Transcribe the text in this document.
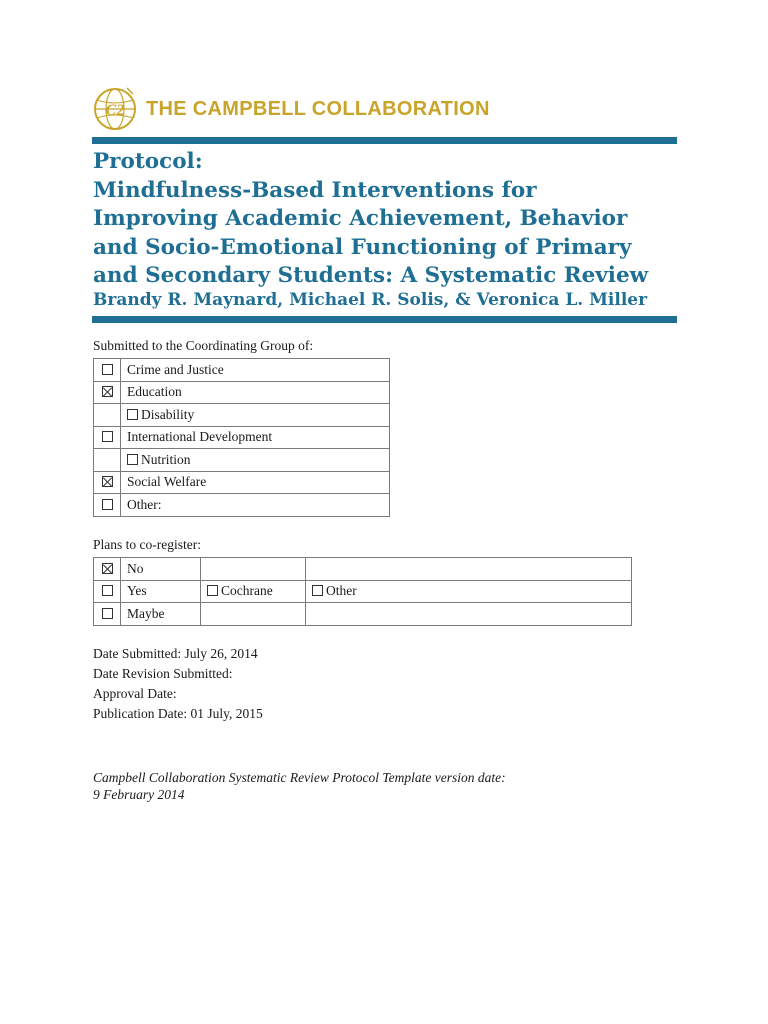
C2 THE CAMPBELL COLLABORATION
Protocol:
Mindfulness-Based Interventions for
Improving Academic Achievement, Behavior
and Socio-Emotional Functioning of Primary
and Secondary Students: A Systematic Review
Brandy R. Maynard, Michael R. Solis, & Veronica L. Miller
Submitted to the Coordinating Group of:
	Crime and Justice
	Education
	Disability
	International Development
	Nutrition
	Social Welfare
	Other:
Plans to co-register:
	No		
	Yes	Cochrane	Other
	Maybe		
Date Submitted: July 26, 2014
Date Revision Submitted:
Approval Date:
Publication Date: 01 July, 2015
Campbell Collaboration Systematic Review Protocol Template version date:
9 February 2014
